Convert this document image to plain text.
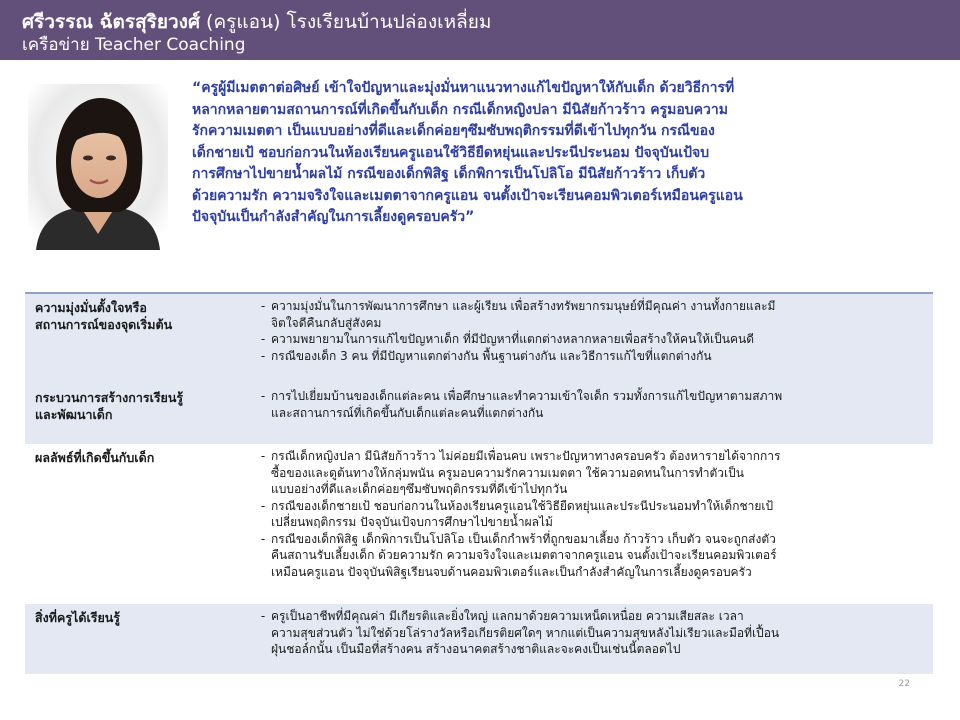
ศรีวรรณ ฉัตรสุริยวงศ์ (ครูแอน) โรงเรียนบ้านปล่องเหลี่ยม
เครือข่าย Teacher Coaching
“ครูผู้มีเมตตาต่อศิษย์ เข้าใจปัญหาและมุ่งมั่นหาแนวทางแก้ไขปัญหาให้กับเด็ก ด้วยวิธีการที่
หลากหลายตามสถานการณ์ที่เกิดขึ้นกับเด็ก กรณีเด็กหญิงปลา มีนิสัยก้าวร้าว ครูมอบความ
รักความเมตตา เป็นแบบอย่างที่ดีและเด็กค่อยๆซึมซับพฤติกรรมที่ดีเข้าไปทุกวัน กรณีของ
เด็กชายเป้ ชอบก่อกวนในห้องเรียนครูแอนใช้วิธียืดหยุ่นและประนีประนอม ปัจจุบันเป้จบ
การศึกษาไปขายน้ำผลไม้ กรณีของเด็กพิสิฐ เด็กพิการเป็นโปลิโอ มีนิสัยก้าวร้าว เก็บตัว
ด้วยความรัก ความจริงใจและเมตตาจากครูแอน จนตั้งเป้าจะเรียนคอมพิวเตอร์เหมือนครูแอน
ปัจจุบันเป็นกำลังสำคัญในการเลี้ยงดูครอบครัว”
ความมุ่งมั่นตั้งใจหรือ
สถานการณ์ของจุดเริ่มต้น
- ความมุ่งมั่นในการพัฒนาการศึกษา และผู้เรียน เพื่อสร้างทรัพยากรมนุษย์ที่มีคุณค่า งานทั้งกายและมี
จิตใจดีคืนกลับสู่สังคม
- ความพยายามในการแก้ไขปัญหาเด็ก ที่มีปัญหาที่แตกต่างหลากหลายเพื่อสร้างให้คนให้เป็นคนดี
- กรณีของเด็ก 3 คน ที่มีปัญหาแตกต่างกัน พื้นฐานต่างกัน และวิธีการแก้ไขที่แตกต่างกัน
กระบวนการสร้างการเรียนรู้
และพัฒนาเด็ก
- การไปเยี่ยมบ้านของเด็กแต่ละคน เพื่อศึกษาและทำความเข้าใจเด็ก รวมทั้งการแก้ไขปัญหาตามสภาพ
และสถานการณ์ที่เกิดขึ้นกับเด็กแต่ละคนที่แตกต่างกัน
ผลลัพธ์ที่เกิดขึ้นกับเด็ก	- กรณีเด็กหญิงปลา มีนิสัยก้าวร้าว ไม่ค่อยมีเพื่อนคบ เพราะปัญหาทางครอบครัว ต้องหารายได้จากการ
ซื้อของและดูต้นทางให้กลุ่มพนัน ครูมอบความรักความเมตตา ใช้ความอดทนในการทำตัวเป็น
แบบอย่างที่ดีและเด็กค่อยๆซึมซับพฤติกรรมที่ดีเข้าไปทุกวัน
- กรณีของเด็กชายเป้ ชอบก่อกวนในห้องเรียนครูแอนใช้วิธียืดหยุ่นและประนีประนอมทำให้เด็กชายเป้
เปลี่ยนพฤติกรรม ปัจจุบันเป้จบการศึกษาไปขายน้ำผลไม้
- กรณีของเด็กพิสิฐ เด็กพิการเป็นโปลิโอ เป็นเด็กกำพร้าที่ถูกขอมาเลี้ยง ก้าวร้าว เก็บตัว จนจะถูกส่งตัว
คืนสถานรับเลี้ยงเด็ก ด้วยความรัก ความจริงใจและเมตตาจากครูแอน จนตั้งเป้าจะเรียนคอมพิวเตอร์
เหมือนครูแอน ปัจจุบันพิสิฐเรียนจบด้านคอมพิวเตอร์และเป็นกำลังสำคัญในการเลี้ยงดูครอบครัว
สิ่งที่ครูได้เรียนรู้	- ครูเป็นอาชีพที่มีคุณค่า มีเกียรติและยิ่งใหญ่ แลกมาด้วยความเหน็ดเหนื่อย ความเสียสละ เวลา
ความสุขส่วนตัว ไม่ใช่ด้วยโล่รางวัลหรือเกียรติยศใดๆ หากแต่เป็นความสุขหลังไม่เรียวและมือที่เปื้อน
ฝุ่นชอล์กนั้น เป็นมือที่สร้างคน สร้างอนาคตสร้างชาติและจะคงเป็นเช่นนี้ตลอดไป
22
